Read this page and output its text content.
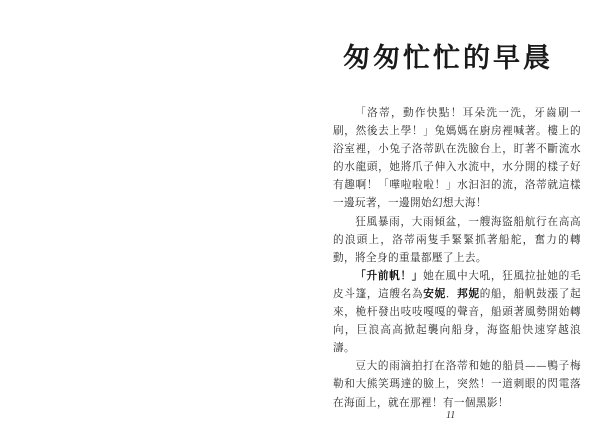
匆匆忙忙的早晨

「洛蒂，動作快點！耳朵洗一洗，牙齒刷一刷，然後去上學！」兔媽媽在廚房裡喊著。樓上的浴室裡，小兔子洛蒂趴在洗臉台上，盯著不斷流水的水龍頭，她將爪子伸入水流中，水分開的樣子好有趣啊！「嘩啦啦啦！」水汩汩的流，洛蒂就這樣一邊玩著，一邊開始幻想大海！

狂風暴雨，大雨傾盆，一艘海盜船航行在高高的浪頭上，洛蒂兩隻手緊緊抓著船舵，奮力的轉動，將全身的重量都壓了上去。

「升前帆！」她在風中大吼，狂風拉扯她的毛皮斗篷，這艘名為安妮．邦妮的船，船帆鼓漲了起來，桅杆發出吱吱嘎嘎的聲音，船頭著風勢開始轉向，巨浪高高掀起襲向船身，海盜船快速穿越浪濤。

豆大的雨滴拍打在洛蒂和她的船員——鴨子梅勒和大熊笑瑪達的臉上，突然！一道刺眼的閃電落在海面上，就在那裡！有一個黑影！

11
